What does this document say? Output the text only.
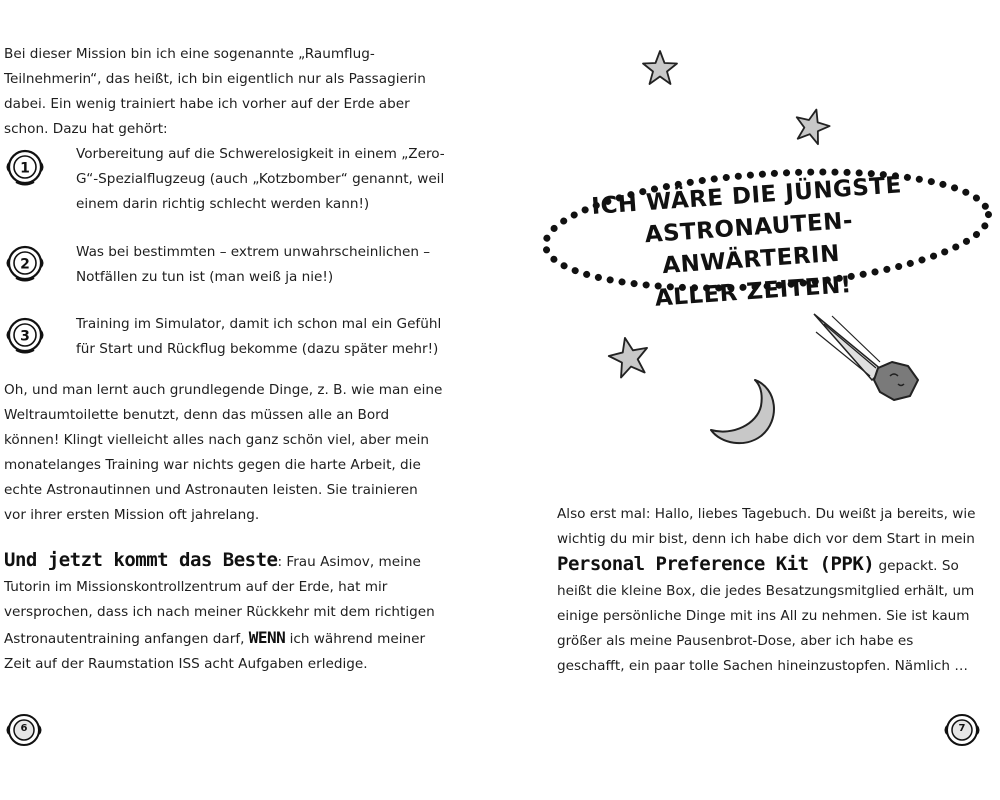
Bei dieser Mission bin ich eine sogenannte „Raumflug-Teilnehmerin“, das heißt, ich bin eigentlich nur als Passagierin dabei. Ein wenig trainiert habe ich vorher auf der Erde aber schon. Dazu hat gehört:

1

Vorbereitung auf die Schwerelosigkeit in einem „Zero-G“-Spezialflugzeug (auch „Kotzbomber“ genannt, weil einem darin richtig schlecht werden kann!)

2

Was bei bestimmten – extrem unwahrscheinlichen – Notfällen zu tun ist (man weiß ja nie!)

3

Training im Simulator, damit ich schon mal ein Gefühl für Start und Rückflug bekomme (dazu später mehr!)

Oh, und man lernt auch grundlegende Dinge, z. B. wie man eine Weltraumtoilette benutzt, denn das müssen alle an Bord können! Klingt vielleicht alles nach ganz schön viel, aber mein monatelanges Training war nichts gegen die harte Arbeit, die echte Astronautinnen und Astronauten leisten. Sie trainieren vor ihrer ersten Mission oft jahrelang.

Und jetzt kommt das Beste: Frau Asimov, meine Tutorin im Missionskontrollzentrum auf der Erde, hat mir versprochen, dass ich nach meiner Rückkehr mit dem richtigen Astronautentraining anfangen darf, WENN ich während meiner Zeit auf der Raumstation ISS acht Aufgaben erledige.

6
ICH WÄRE DIE JÜNGSTE
ASTRONAUTEN-ANWÄRTERIN
ALLER ZEITEN!

Also erst mal: Hallo, liebes Tagebuch. Du weißt ja bereits, wie wichtig du mir bist, denn ich habe dich vor dem Start in mein Personal Preference Kit (PPK) gepackt. So heißt die kleine Box, die jedes Besatzungsmitglied erhält, um einige persönliche Dinge mit ins All zu nehmen. Sie ist kaum größer als meine Pausenbrot-Dose, aber ich habe es geschafft, ein paar tolle Sachen hineinzustopfen. Nämlich …

7
